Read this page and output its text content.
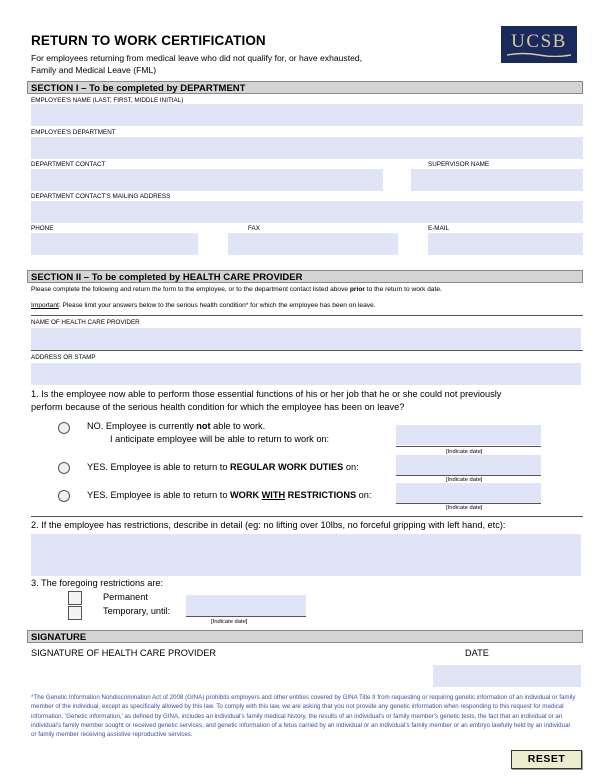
RETURN TO WORK CERTIFICATION
For employees returning from medical leave who did not qualify for, or have exhausted,
Family and Medical Leave (FML)
UCSB
SECTION I – To be completed by DEPARTMENT
EMPLOYEE'S NAME (LAST, FIRST, MIDDLE INITIAL)
EMPLOYEE'S DEPARTMENT
DEPARTMENT CONTACT	SUPERVISOR NAME
DEPARTMENT CONTACT'S MAILING ADDRESS
PHONE	FAX	E-MAIL
SECTION II – To be completed by HEALTH CARE PROVIDER
Please complete the following and return the form to the employee, or to the department contact listed above prior to the return to work date.
Important: Please limit your answers below to the serious health condition* for which the employee has been on leave.
NAME OF HEALTH CARE PROVIDER
ADDRESS OR STAMP
1. Is the employee now able to perform those essential functions of his or her job that he or she could not previously
perform because of the serious health condition for which the employee has been on leave?
NO. Employee is currently not able to work.
I anticipate employee will be able to return to work on:
[Indicate date]
YES. Employee is able to return to REGULAR WORK DUTIES on:
[Indicate date]
YES. Employee is able to return to WORK WITH RESTRICTIONS on:
[Indicate date]
2. If the employee has restrictions, describe in detail (eg: no lifting over 10lbs, no forceful gripping with left hand, etc):
3. The foregoing restrictions are:
Permanent
Temporary, until:
[Indicate date]
SIGNATURE
SIGNATURE OF HEALTH CARE PROVIDER	DATE
*The Genetic Information Nondiscrimination Act of 2008 (GINA) prohibits employers and other entities covered by GINA Title II from requesting or requiring genetic information of an individual or family member of the individual, except as specifically allowed by this law. To comply with this law, we are asking that you not provide any genetic information when responding to this request for medical information. 'Genetic information,' as defined by GINA, includes an individual's family medical history, the results of an individual's or family member's genetic tests, the fact that an individual or an individual's family member sought or received genetic services, and genetic information of a fetus carried by an individual or an individual's family member or an embryo lawfully held by an individual or family member receiving assistive reproductive services.
RESET
